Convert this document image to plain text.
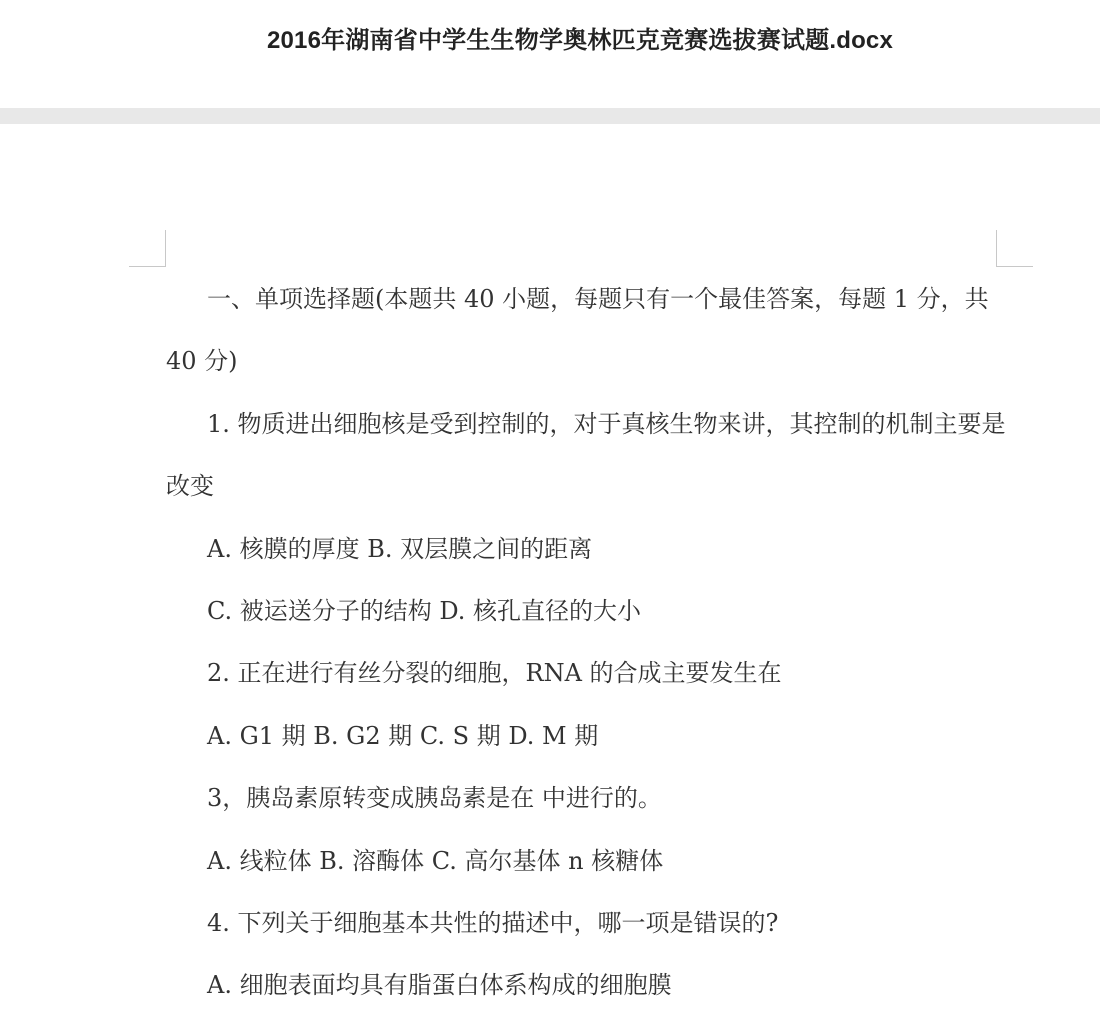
2016年湖南省中学生生物学奥林匹克竞赛选拔赛试题.docx

一、单项选择题(本题共 40 小题，每题只有一个最佳答案，每题 1 分，共 40 分)

1. 物质进出细胞核是受到控制的，对于真核生物来讲，其控制的机制主要是改变

A. 核膜的厚度 B. 双层膜之间的距离

C. 被运送分子的结构 D. 核孔直径的大小

2. 正在进行有丝分裂的细胞，RNA 的合成主要发生在

A. G1 期 B. G2 期 C. S 期 D. M 期

3，胰岛素原转变成胰岛素是在 中进行的。

A. 线粒体 B. 溶酶体 C. 高尔基体 n 核糖体

4. 下列关于细胞基本共性的描述中，哪一项是错误的?

A. 细胞表面均具有脂蛋白体系构成的细胞膜
